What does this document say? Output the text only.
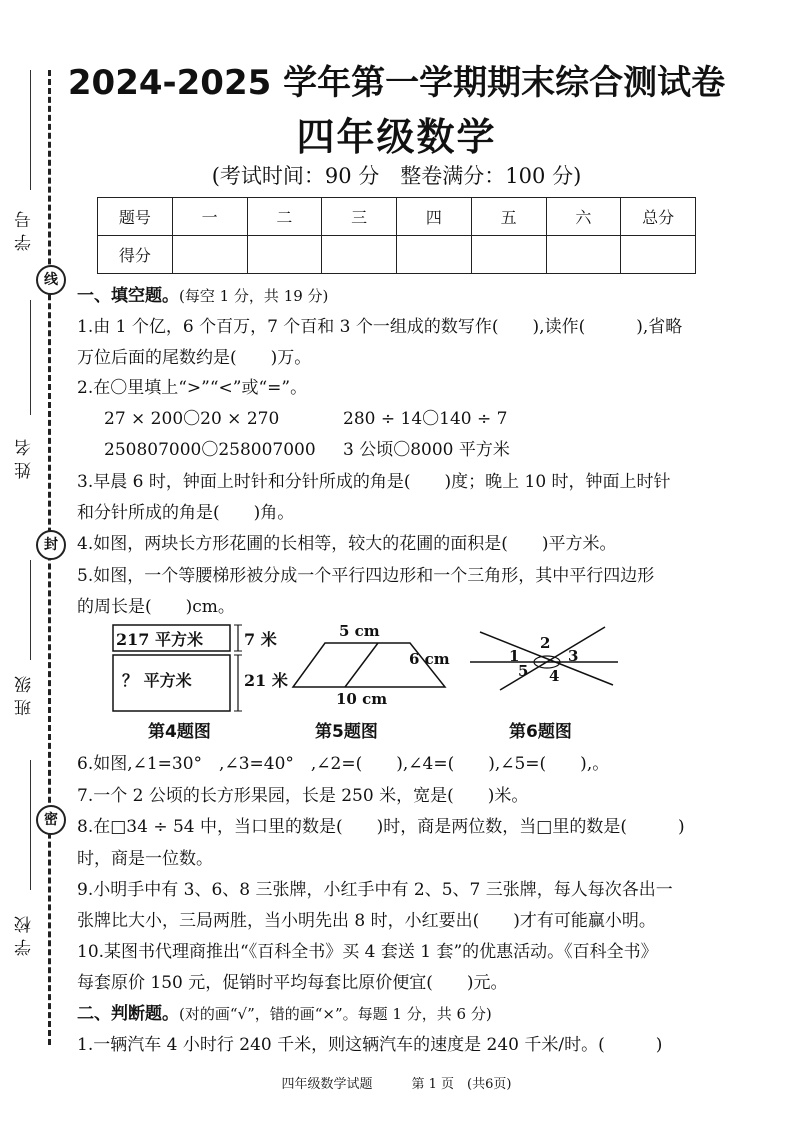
学号
姓名
班级
学校
线
封
密
2024-2025 学年第一学期期末综合测试卷
四年级数学
(考试时间：90 分　整卷满分：100 分)
题号	一	二	三	四	五	六	总分
得分							
一、填空题。(每空 1 分，共 19 分)
1.由 1 个亿，6 个百万，7 个百和 3 个一组成的数写作(　　),读作(　　　),省略
万位后面的尾数约是(　　)万。
2.在〇里填上“>”“<”或“=”。
27 × 200〇20 × 270	280 ÷ 14〇140 ÷ 7
250807000〇258007000 3 公顷〇8000 平方米
3.早晨 6 时，钟面上时针和分针所成的角是(　　)度；晚上 10 时，钟面上时针
和分针所成的角是(　　)角。
4.如图，两块长方形花圃的长相等，较大的花圃的面积是(　　)平方米。
5.如图，一个等腰梯形被分成一个平行四边形和一个三角形，其中平行四边形
的周长是(　　)cm。
217 平方米	7 米
？ 平方米	21 米
第4题图
5 cm
6 cm
10 cm
第5题图
1
2
3
4
5
第6题图
6.如图,∠1=30°　,∠3=40°　,∠2=(　　),∠4=(　　),∠5=(　　),。
7.一个 2 公顷的长方形果园，长是 250 米，宽是(　　)米。
8.在□34 ÷ 54 中，当口里的数是(　　)时，商是两位数，当□里的数是(　　　)
时，商是一位数。
9.小明手中有 3、6、8 三张牌，小红手中有 2、5、7 三张牌，每人每次各出一
张牌比大小，三局两胜，当小明先出 8 时，小红要出(　　)才有可能赢小明。
10.某图书代理商推出“《百科全书》买 4 套送 1 套”的优惠活动。《百科全书》
每套原价 150 元，促销时平均每套比原价便宜(　　)元。
二、判断题。(对的画“√”，错的画“×”。每题 1 分，共 6 分)
1.一辆汽车 4 小时行 240 千米，则这辆汽车的速度是 240 千米/时。(　　　)
四年级数学试题　　　第 1 页　(共6页)
